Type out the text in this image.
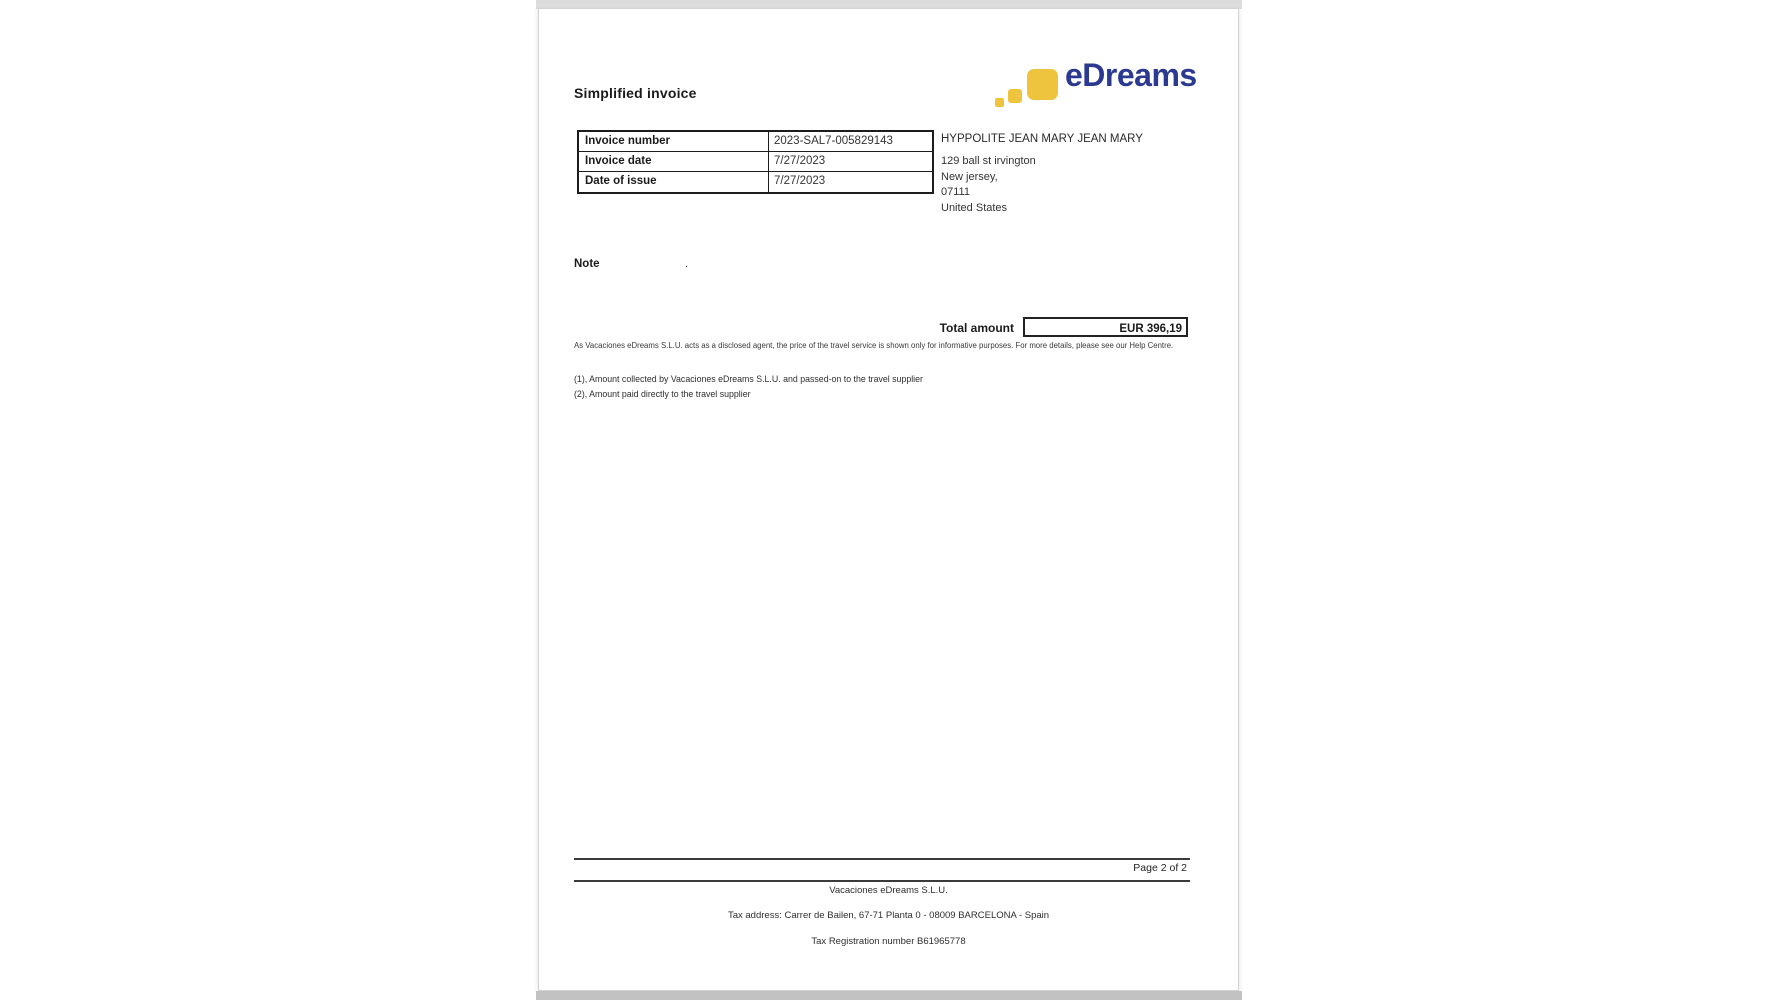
Simplified invoice	eDreams
Invoice number	2023-SAL7-005829143
Invoice date	7/27/2023
Date of issue	7/27/2023
HYPPOLITE JEAN MARY JEAN MARY
129 ball st irvington
New jersey,
07111
United States
Note	.
Total amount	EUR 396,19
As Vacaciones eDreams S.L.U. acts as a disclosed agent, the price of the travel service is shown only for informative purposes. For more details, please see our Help Centre.
(1), Amount collected by Vacaciones eDreams S.L.U. and passed-on to the travel supplier
(2), Amount paid directly to the travel supplier
Page 2 of 2
Vacaciones eDreams S.L.U.
Tax address: Carrer de Bailen, 67-71 Planta 0 - 08009 BARCELONA - Spain
Tax Registration number B61965778
